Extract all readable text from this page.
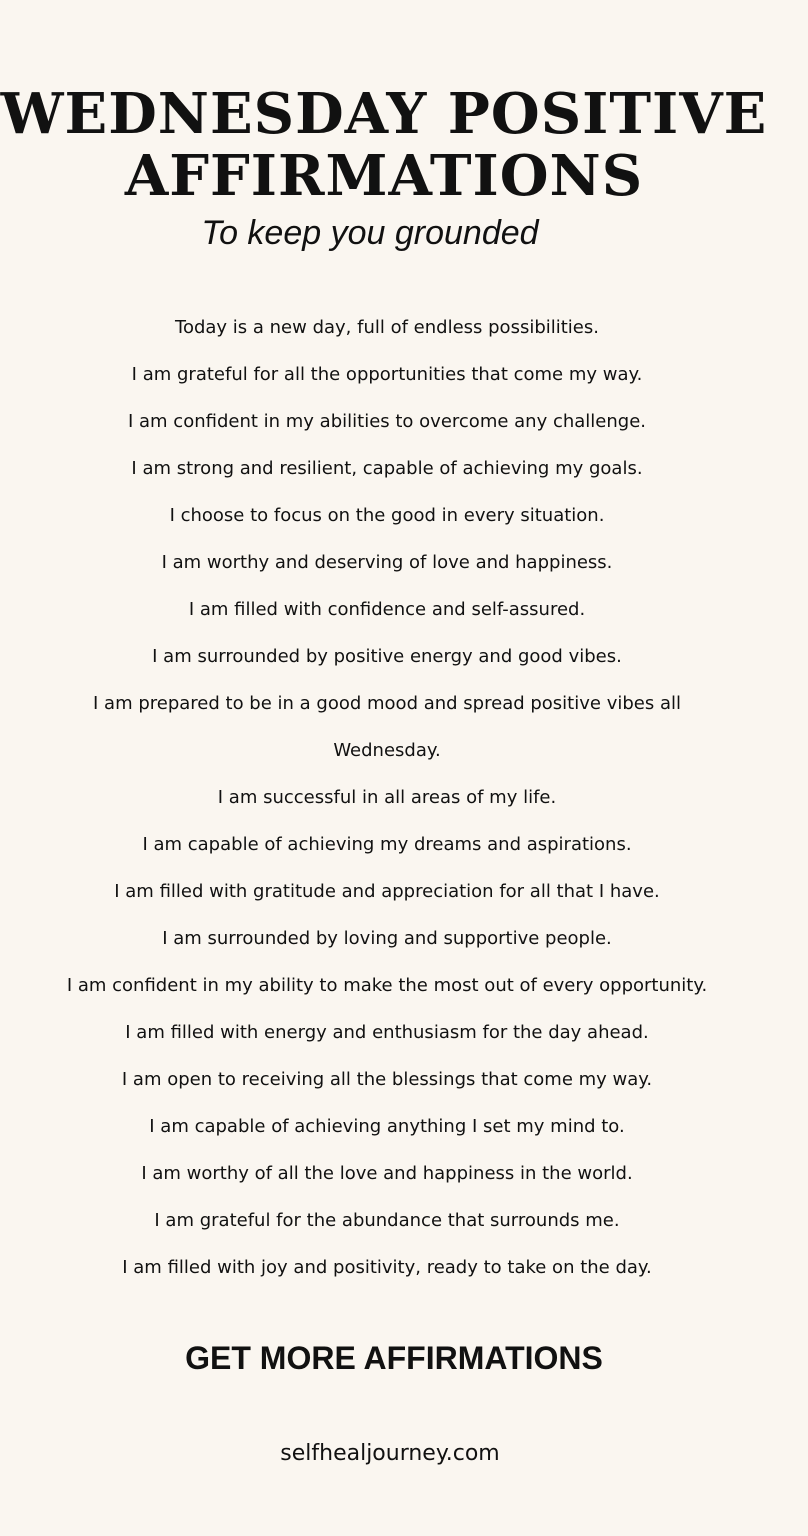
WEDNESDAY POSITIVE
AFFIRMATIONS
To keep you grounded
Today is a new day, full of endless possibilities.
I am grateful for all the opportunities that come my way.
I am confident in my abilities to overcome any challenge.
I am strong and resilient, capable of achieving my goals.
I choose to focus on the good in every situation.
I am worthy and deserving of love and happiness.
I am filled with confidence and self-assured.
I am surrounded by positive energy and good vibes.
I am prepared to be in a good mood and spread positive vibes all Wednesday.
I am successful in all areas of my life.
I am capable of achieving my dreams and aspirations.
I am filled with gratitude and appreciation for all that I have.
I am surrounded by loving and supportive people.
I am confident in my ability to make the most out of every opportunity.
I am filled with energy and enthusiasm for the day ahead.
I am open to receiving all the blessings that come my way.
I am capable of achieving anything I set my mind to.
I am worthy of all the love and happiness in the world.
I am grateful for the abundance that surrounds me.
I am filled with joy and positivity, ready to take on the day.
GET MORE AFFIRMATIONS
selfhealjourney.com
